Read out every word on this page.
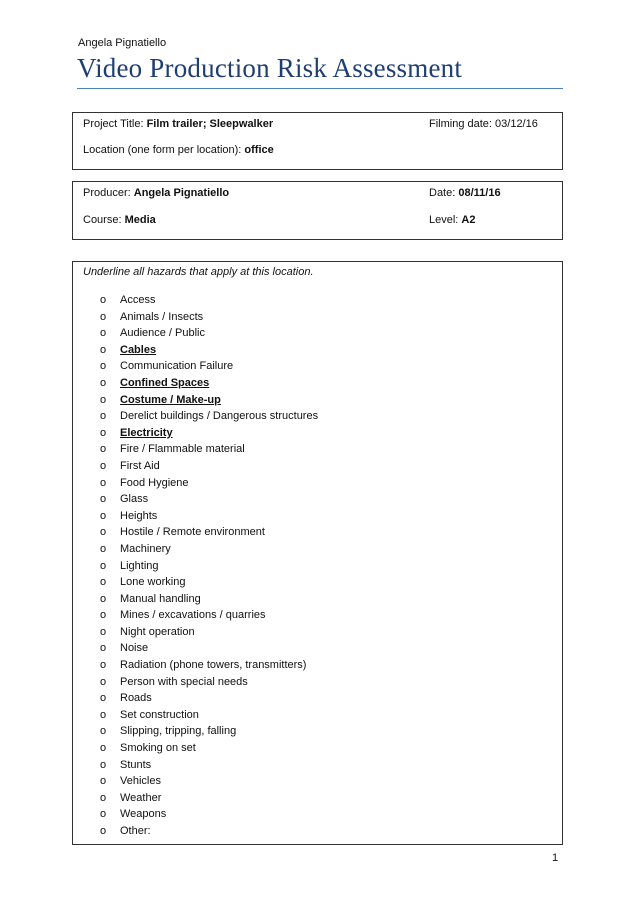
Angela Pignatiello
Video Production Risk Assessment
Project Title: Film trailer; Sleepwalker	Filming date: 03/12/16
Location (one form per location): office
Producer: Angela Pignatiello	Date: 08/11/16
Course: Media	Level: A2
Underline all hazards that apply at this location.
o Access
o Animals / Insects
o Audience / Public
o Cables
o Communication Failure
o Confined Spaces
o Costume / Make-up
o Derelict buildings / Dangerous structures
o Electricity
o Fire / Flammable material
o First Aid
o Food Hygiene
o Glass
o Heights
o Hostile / Remote environment
o Machinery
o Lighting
o Lone working
o Manual handling
o Mines / excavations / quarries
o Night operation
o Noise
o Radiation (phone towers, transmitters)
o Person with special needs
o Roads
o Set construction
o Slipping, tripping, falling
o Smoking on set
o Stunts
o Vehicles
o Weather
o Weapons
o Other:
1
